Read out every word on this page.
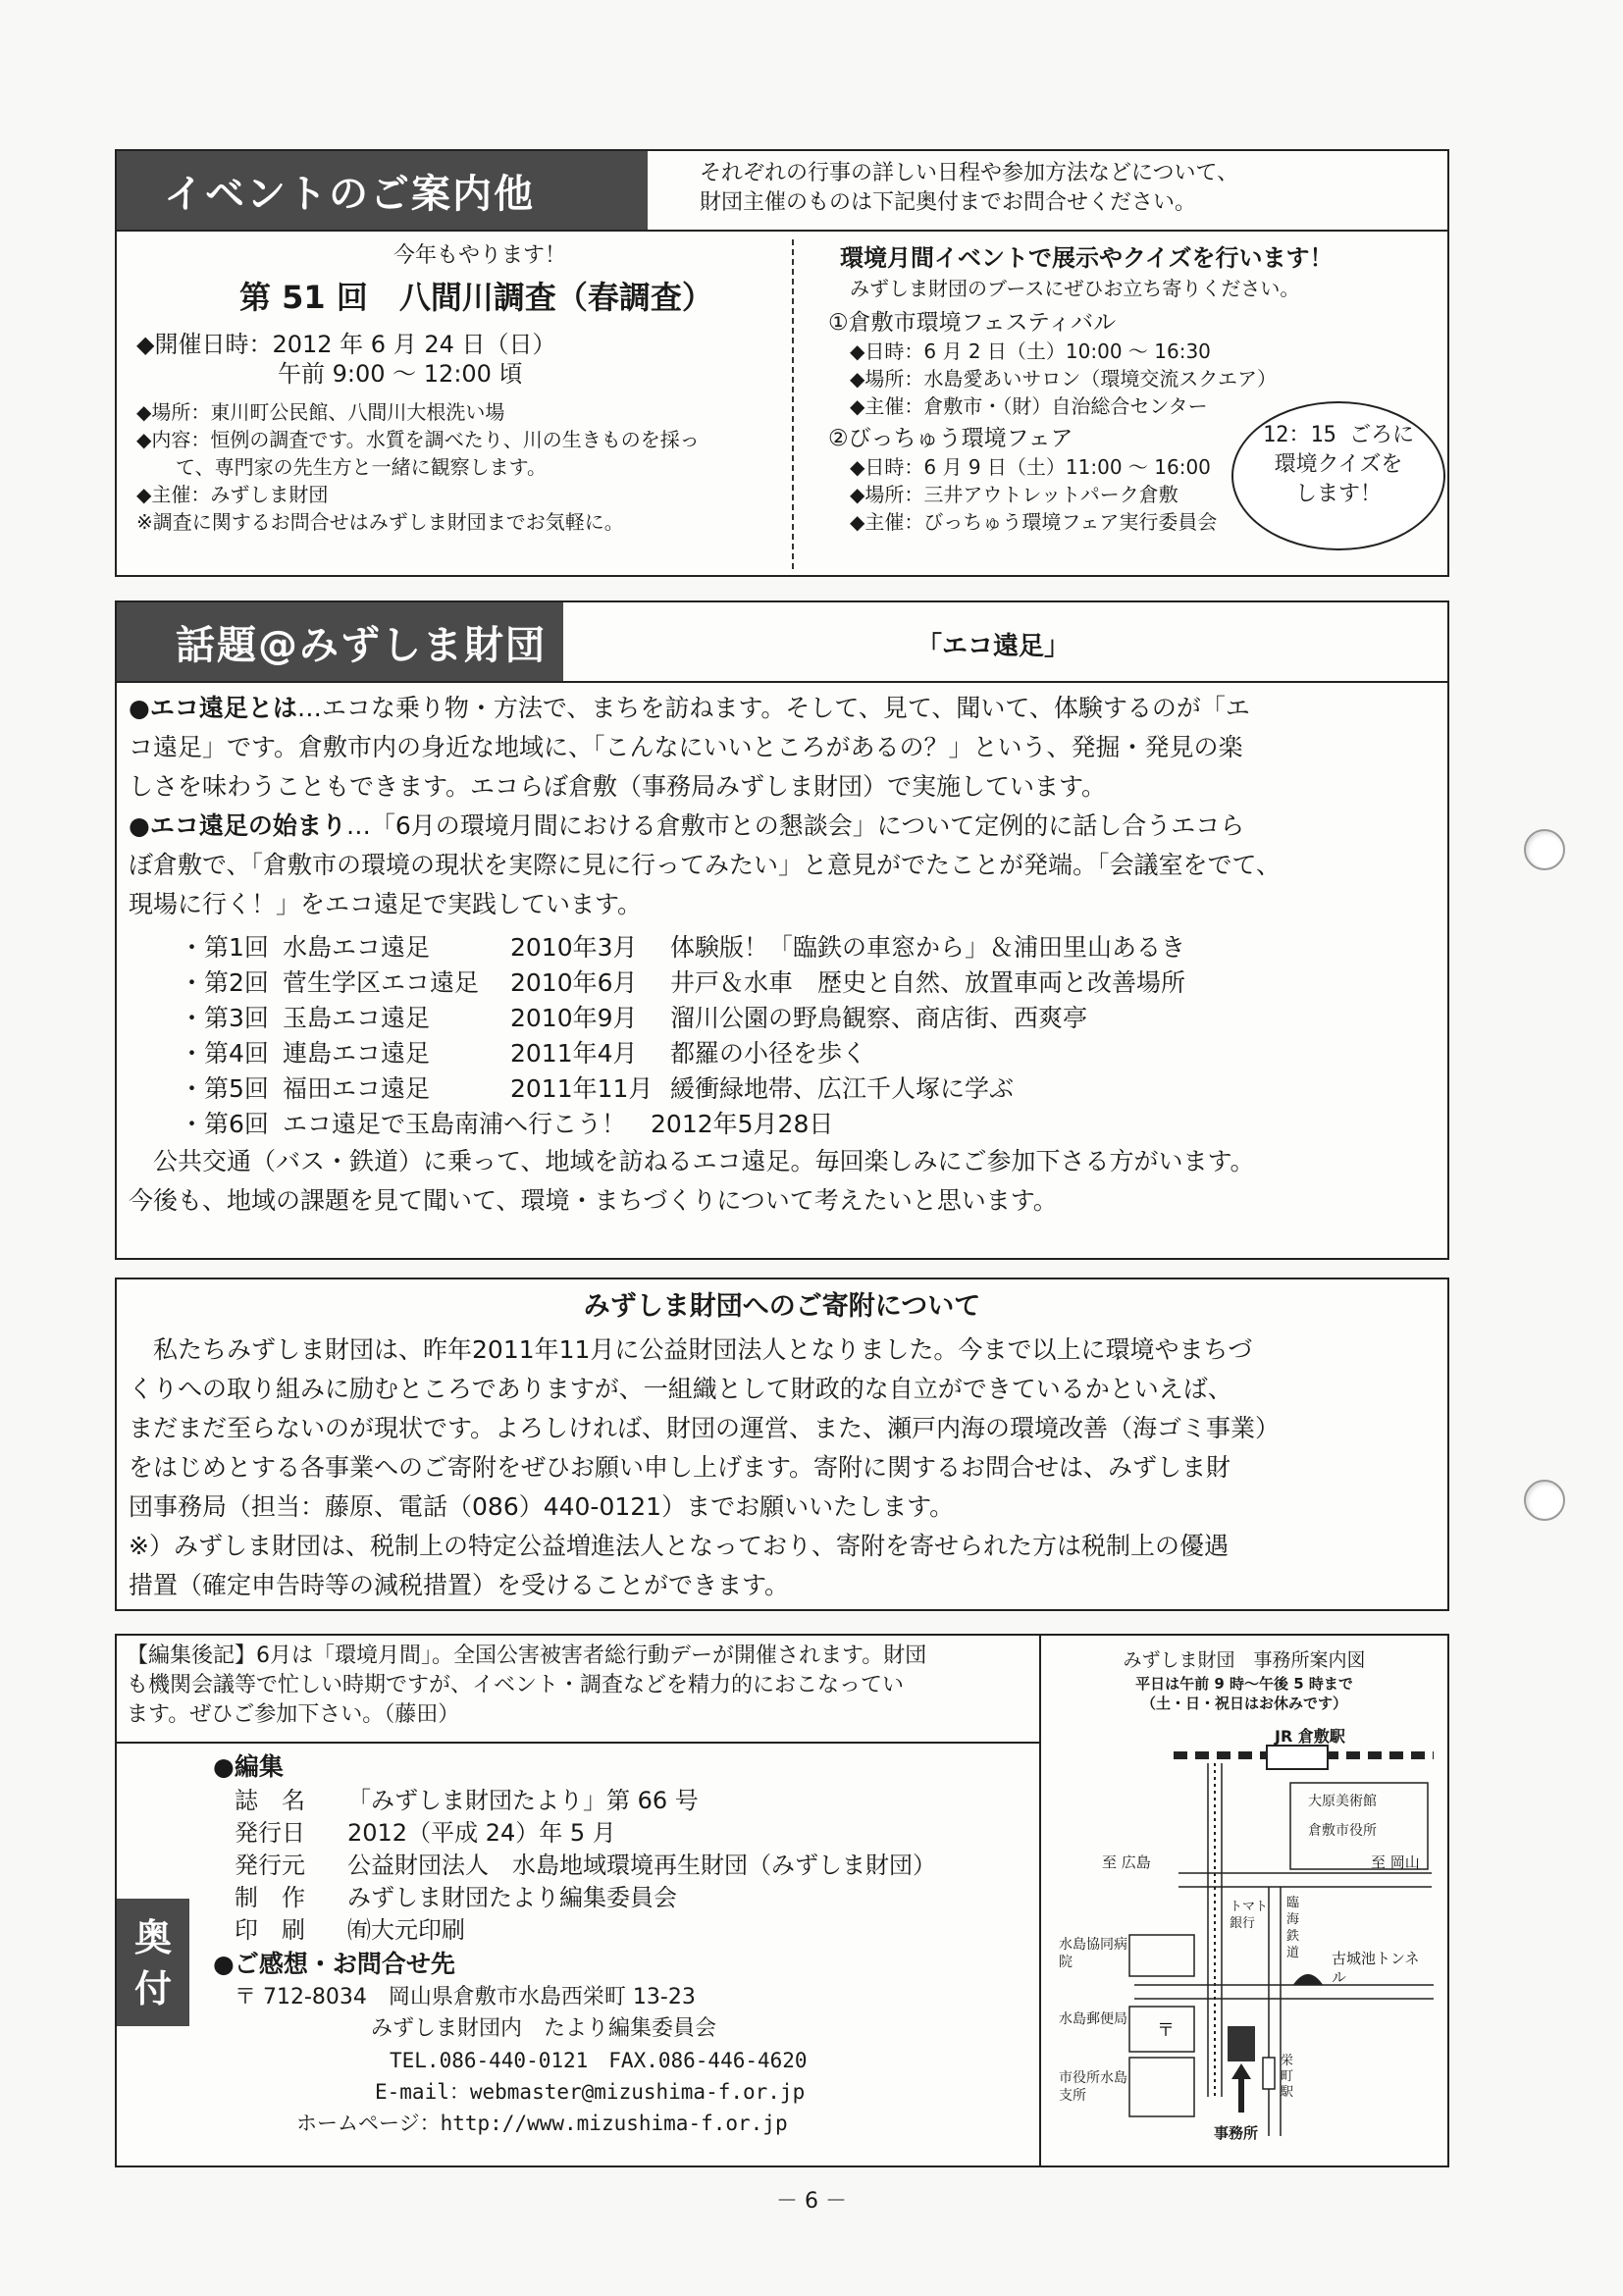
イベントのご案内他	それぞれの行事の詳しい日程や参加方法などについて、
財団主催のものは下記奥付までお問合せください。
今年もやります！
第 51 回　八間川調査（春調査）
◆開催日時：2012 年 6 月 24 日（日）
　　　　　　午前 9:00 ～ 12:00 頃
◆場所：東川町公民館、八間川大根洗い場
◆内容：恒例の調査です。水質を調べたり、川の生きものを採っ
　　て、専門家の先生方と一緒に観察します。
◆主催：みずしま財団
※調査に関するお問合せはみずしま財団までお気軽に。
環境月間イベントで展示やクイズを行います！
みずしま財団のブースにぜひお立ち寄りください。
①倉敷市環境フェスティバル
◆日時：6 月 2 日（土）10:00 ～ 16:30
◆場所：水島愛あいサロン（環境交流スクエア）
◆主催：倉敷市・（財）自治総合センター
②びっちゅう環境フェア
◆日時：6 月 9 日（土）11:00 ～ 16:00
◆場所：三井アウトレットパーク倉敷
◆主催：びっちゅう環境フェア実行委員会
12：15 ごろに
環境クイズを
します！
話題@みずしま財団	「エコ遠足」
●エコ遠足とは…エコな乗り物・方法で、まちを訪ねます。そして、見て、聞いて、体験するのが「エ
コ遠足」です。倉敷市内の身近な地域に、「こんなにいいところがあるの？」という、発掘・発見の楽
しさを味わうこともできます。エコらぼ倉敷（事務局みずしま財団）で実施しています。
●エコ遠足の始まり…「6月の環境月間における倉敷市との懇談会」について定例的に話し合うエコら
ぼ倉敷で、「倉敷市の環境の現状を実際に見に行ってみたい」と意見がでたことが発端。「会議室をでて、
現場に行く！」をエコ遠足で実践しています。
・第1回	水島エコ遠足	2010年3月	体験版！「臨鉄の車窓から」＆浦田里山あるき
・第2回	菅生学区エコ遠足	2010年6月	井戸＆水車　歴史と自然、放置車両と改善場所
・第3回	玉島エコ遠足	2010年9月	溜川公園の野鳥観察、商店街、西爽亭
・第4回	連島エコ遠足	2011年4月	都羅の小径を歩く
・第5回	福田エコ遠足	2011年11月	緩衝緑地帯、広江千人塚に学ぶ
・第6回	エコ遠足で玉島南浦へ行こう！　 2012年5月28日		
　公共交通（バス・鉄道）に乗って、地域を訪ねるエコ遠足。毎回楽しみにご参加下さる方がいます。
今後も、地域の課題を見て聞いて、環境・まちづくりについて考えたいと思います。
みずしま財団へのご寄附について
　私たちみずしま財団は、昨年2011年11月に公益財団法人となりました。今まで以上に環境やまちづ
くりへの取り組みに励むところでありますが、一組織として財政的な自立ができているかといえば、
まだまだ至らないのが現状です。よろしければ、財団の運営、また、瀬戸内海の環境改善（海ゴミ事業）
をはじめとする各事業へのご寄附をぜひお願い申し上げます。寄附に関するお問合せは、みずしま財
団事務局（担当：藤原、電話（086）440-0121）までお願いいたします。
※）みずしま財団は、税制上の特定公益増進法人となっており、寄附を寄せられた方は税制上の優遇
措置（確定申告時等の減税措置）を受けることができます。
【編集後記】6月は「環境月間」。全国公害被害者総行動デーが開催されます。財団
も機関会議等で忙しい時期ですが、イベント・調査などを精力的におこなってい
ます。ぜひご参加下さい。（藤田）
奥
付
●編集
誌　名 「みずしま財団たより」第 66 号
発行日 2012（平成 24）年 5 月
発行元 公益財団法人　水島地域環境再生財団（みずしま財団）
制　作 みずしま財団たより編集委員会
印　刷 ㈲大元印刷
●ご感想・お問合せ先
〒 712-8034　岡山県倉敷市水島西栄町 13-23
　　　　　　 みずしま財団内　たより編集委員会
TEL.086-440-0121　FAX.086-446-4620
E-mail：webmaster@mizushima-f.or.jp
ホームページ：http://www.mizushima-f.or.jp
みずしま財団　事務所案内図
平日は午前 9 時～午後 5 時まで
（土・日・祝日はお休みです）
〒
JR 倉敷駅
大原美術館
倉敷市役所
至 広島	至 岡山
トマト銀行
臨海鉄道
水島協同病院
水島郵便局
市役所水島支所
栄町駅
古城池トンネル
事務所
－ 6 －
